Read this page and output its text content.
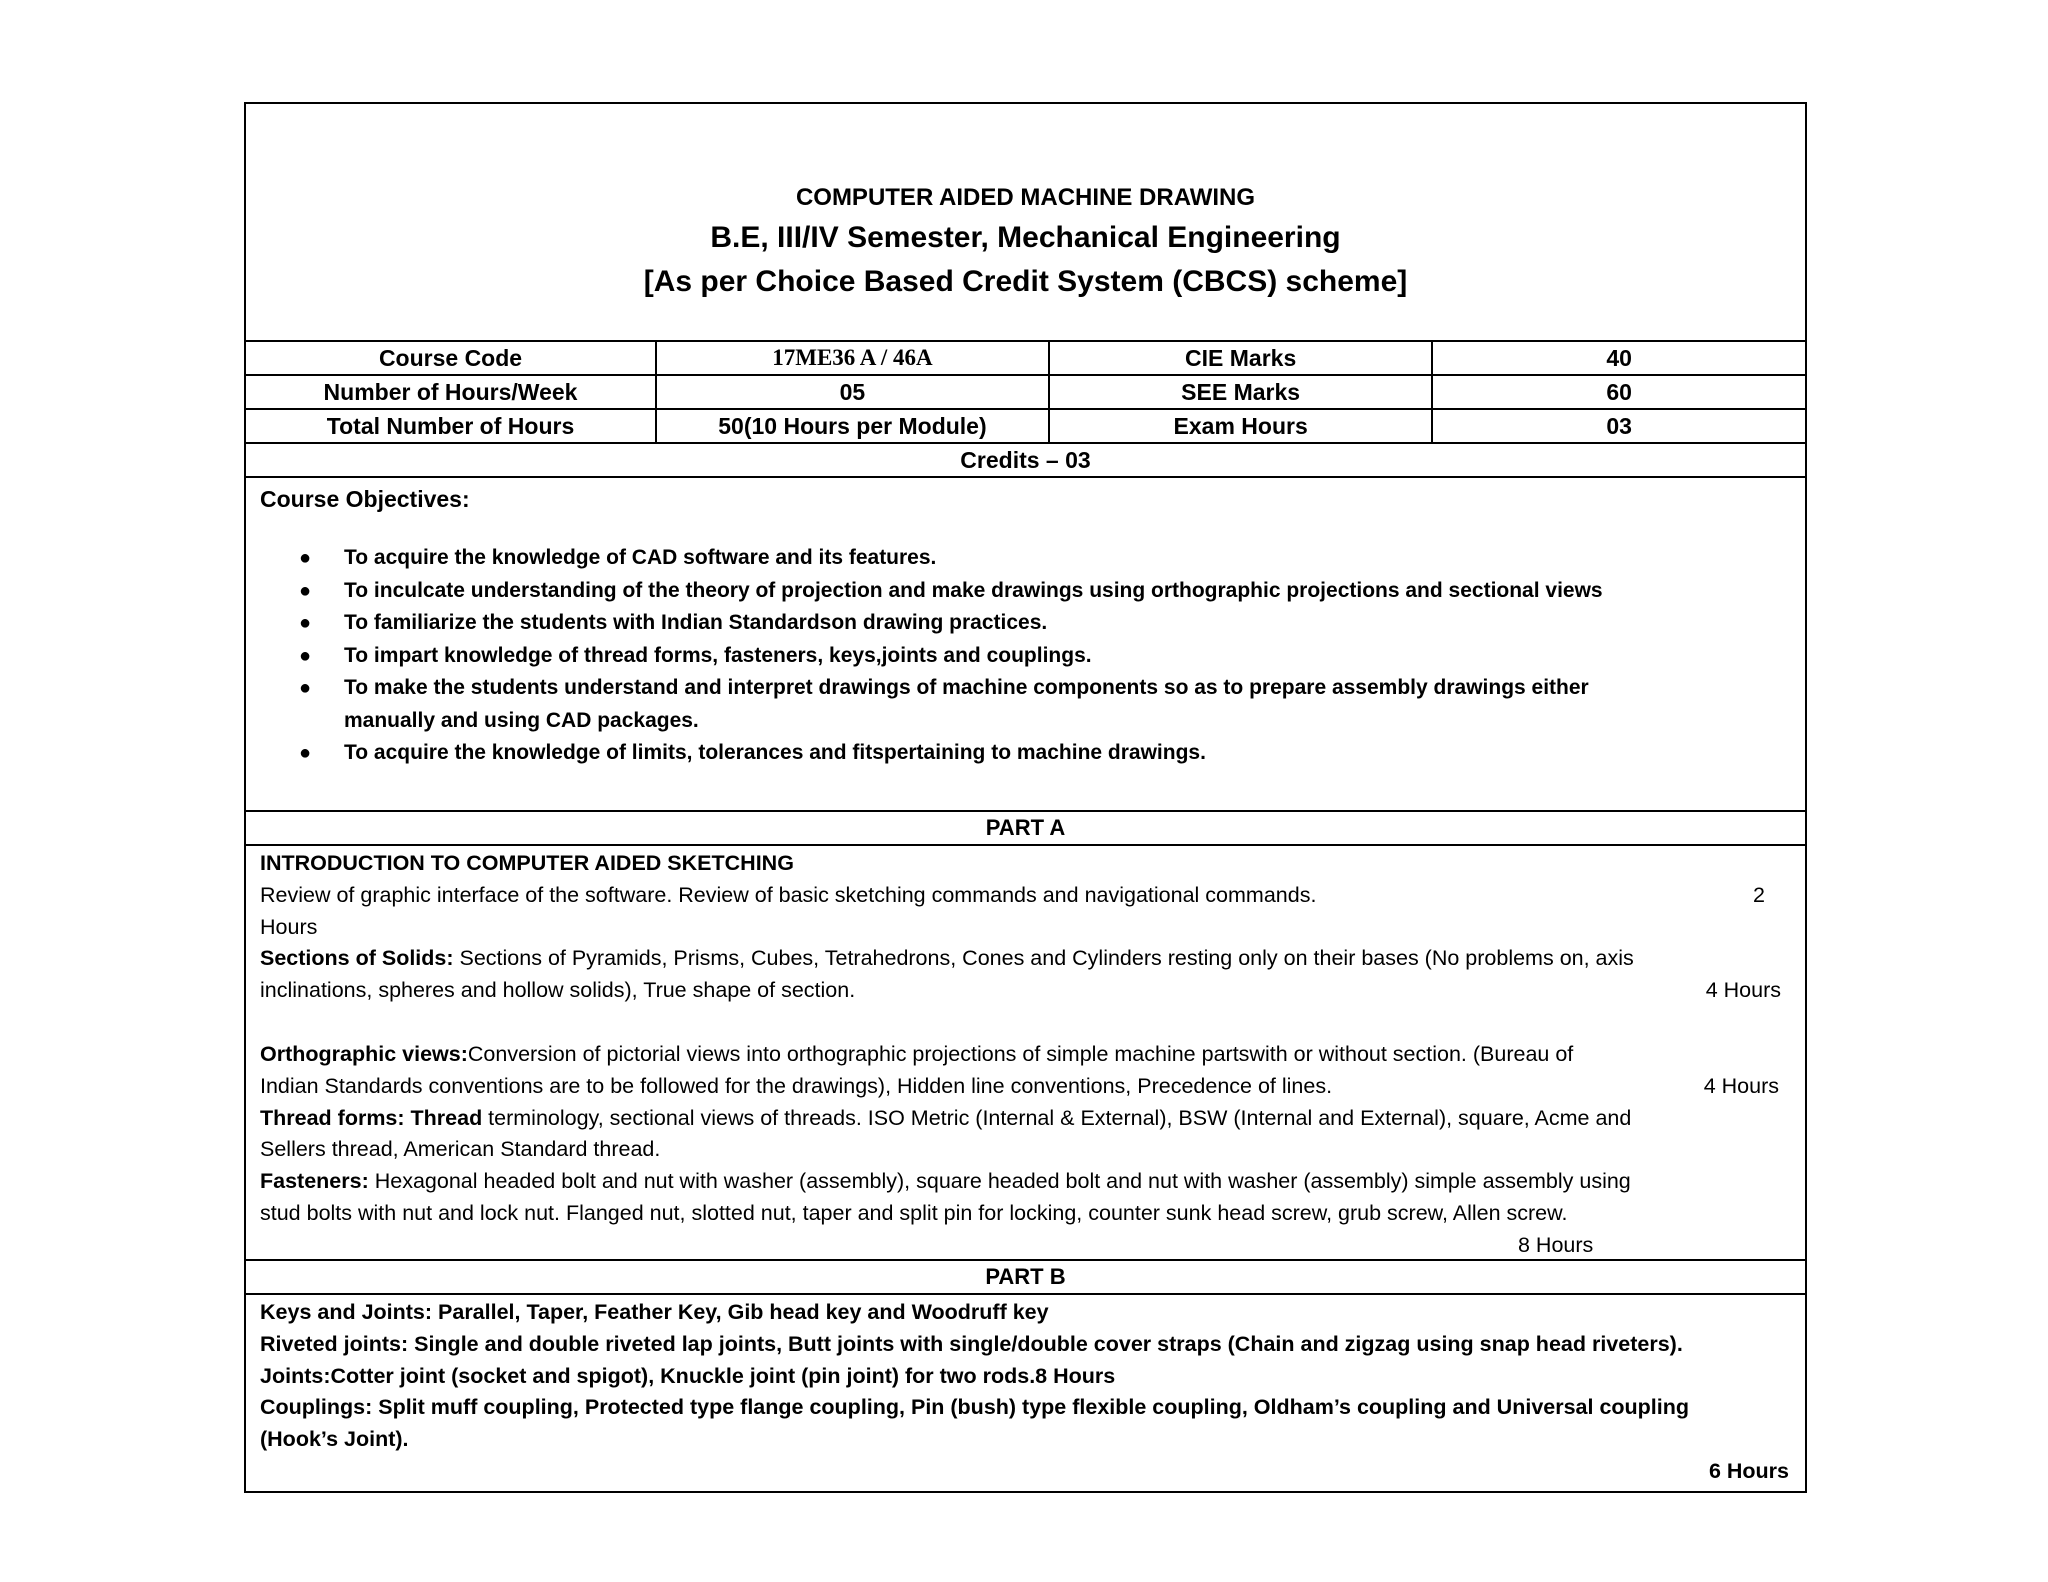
COMPUTER AIDED MACHINE DRAWING
B.E, III/IV Semester, Mechanical Engineering
[As per Choice Based Credit System (CBCS) scheme]
Course Code	17ME36 A / 46A	CIE Marks	40
Number of Hours/Week	05	SEE Marks	60
Total Number of Hours	50(10 Hours per Module)	Exam Hours	03
Credits – 03
Course Objectives:
● To acquire the knowledge of CAD software and its features.
● To inculcate understanding of the theory of projection and make drawings using orthographic projections and sectional views
● To familiarize the students with Indian Standardson drawing practices.
● To impart knowledge of thread forms, fasteners, keys,joints and couplings.
● To make the students understand and interpret drawings of machine components so as to prepare assembly drawings either
manually and using CAD packages.
● To acquire the knowledge of limits, tolerances and fitspertaining to machine drawings.
PART A
INTRODUCTION TO COMPUTER AIDED SKETCHING
Review of graphic interface of the software. Review of basic sketching commands and navigational commands.	2
Hours
Sections of Solids: Sections of Pyramids, Prisms, Cubes, Tetrahedrons, Cones and Cylinders resting only on their bases (No problems on, axis
inclinations, spheres and hollow solids), True shape of section.	4 Hours
Orthographic views:Conversion of pictorial views into orthographic projections of simple machine partswith or without section. (Bureau of
Indian Standards conventions are to be followed for the drawings), Hidden line conventions, Precedence of lines.	4 Hours
Thread forms: Thread terminology, sectional views of threads. ISO Metric (Internal & External), BSW (Internal and External), square, Acme and
Sellers thread, American Standard thread.
Fasteners: Hexagonal headed bolt and nut with washer (assembly), square headed bolt and nut with washer (assembly) simple assembly using
stud bolts with nut and lock nut. Flanged nut, slotted nut, taper and split pin for locking, counter sunk head screw, grub screw, Allen screw.
8 Hours
PART B
Keys and Joints: Parallel, Taper, Feather Key, Gib head key and Woodruff key
Riveted joints: Single and double riveted lap joints, Butt joints with single/double cover straps (Chain and zigzag using snap head riveters).
Joints:Cotter joint (socket and spigot), Knuckle joint (pin joint) for two rods.8 Hours
Couplings: Split muff coupling, Protected type flange coupling, Pin (bush) type flexible coupling, Oldham’s coupling and Universal coupling
(Hook’s Joint).
6 Hours
